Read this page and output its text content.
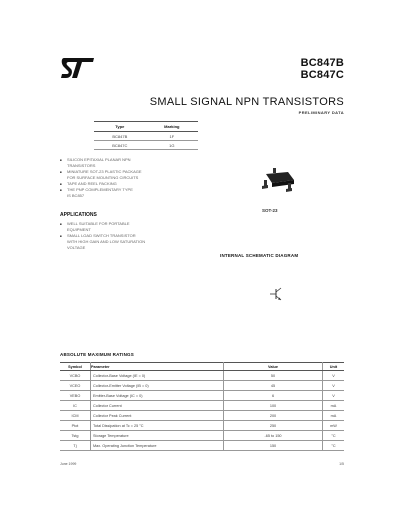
BC847B
BC847C
SMALL SIGNAL NPN TRANSISTORS
PRELIMINARY DATA
Type	Marking
BC847B	1F
BC847C	1G
■ SILICON EPITAXIAL PLANAR NPN
TRANSISTORS
■ MINIATURE SOT-23 PLASTIC PACKAGE
FOR SURFACE MOUNTING CIRCUITS
■ TAPE AND REEL PACKING
■ THE PNP COMPLEMENTARY TYPE
IS BC857
APPLICATIONS
■ WELL SUITABLE FOR PORTABLE
EQUIPMENT
■ SMALL LOAD SWITCH TRANSISTOR
WITH HIGH GAIN AND LOW SATURATION
VOLTAGE
SOT-23
INTERNAL SCHEMATIC DIAGRAM
ABSOLUTE MAXIMUM RATINGS
Symbol	Parameter	Value	Unit
VCBO	Collector-Base Voltage (IE = 0)	50	V
VCEO	Collector-Emitter Voltage (IB = 0)	45	V
VEBO	Emitter-Base Voltage (IC = 0)	6	V
IC	Collector Current	100	mA
ICM	Collector Peak Current	200	mA
Ptot	Total Dissipation at Tc = 25 °C	250	mW
Tstg	Storage Temperature	-65 to 150	°C
Tj	Max. Operating Junction Temperature	150	°C
June 1999	1/5
